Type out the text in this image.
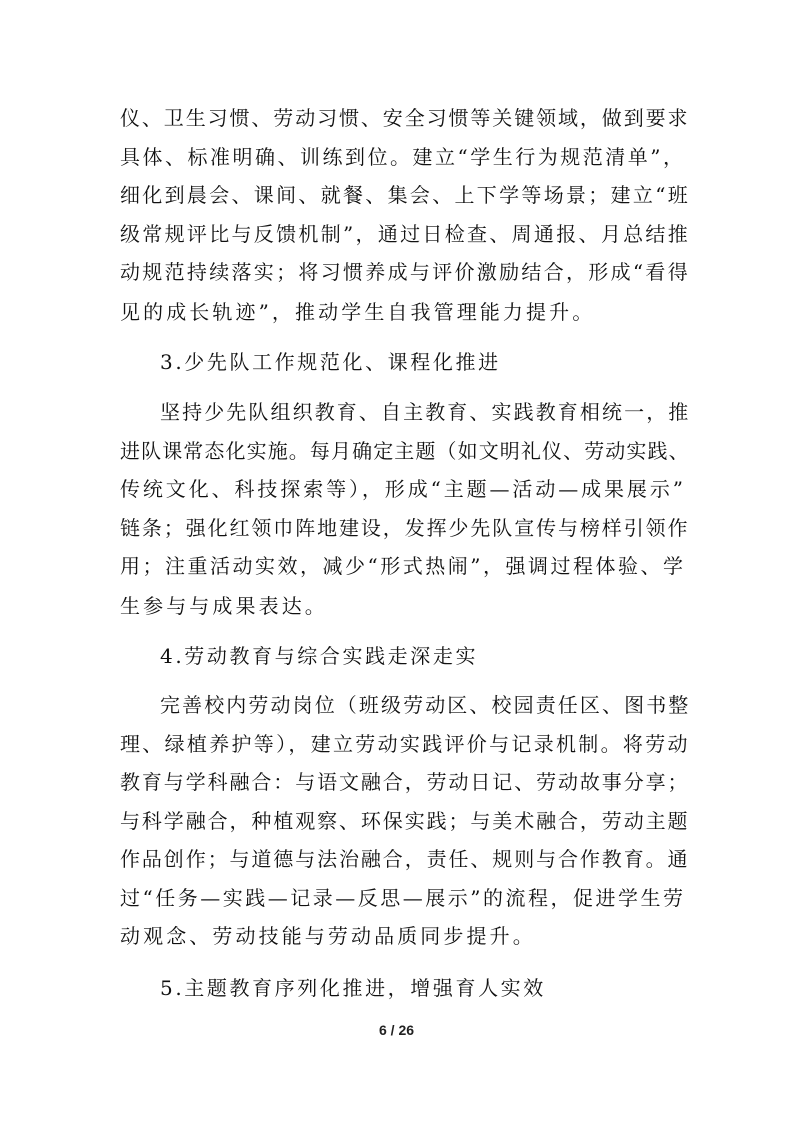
仪、卫生习惯、劳动习惯、安全习惯等关键领域，做到要求
具体、标准明确、训练到位。建立“学生行为规范清单”，
细化到晨会、课间、就餐、集会、上下学等场景；建立“班
级常规评比与反馈机制”，通过日检查、周通报、月总结推
动规范持续落实；将习惯养成与评价激励结合，形成“看得
见的成长轨迹”，推动学生自我管理能力提升。
3.少先队工作规范化、课程化推进
坚持少先队组织教育、自主教育、实践教育相统一，推
进队课常态化实施。每月确定主题（如文明礼仪、劳动实践、
传统文化、科技探索等），形成“主题—活动—成果展示”
链条；强化红领巾阵地建设，发挥少先队宣传与榜样引领作
用；注重活动实效，减少“形式热闹”，强调过程体验、学
生参与与成果表达。
4.劳动教育与综合实践走深走实
完善校内劳动岗位（班级劳动区、校园责任区、图书整
理、绿植养护等），建立劳动实践评价与记录机制。将劳动
教育与学科融合：与语文融合，劳动日记、劳动故事分享；
与科学融合，种植观察、环保实践；与美术融合，劳动主题
作品创作；与道德与法治融合，责任、规则与合作教育。通
过“任务—实践—记录—反思—展示”的流程，促进学生劳
动观念、劳动技能与劳动品质同步提升。
5.主题教育序列化推进，增强育人实效
6 / 26
